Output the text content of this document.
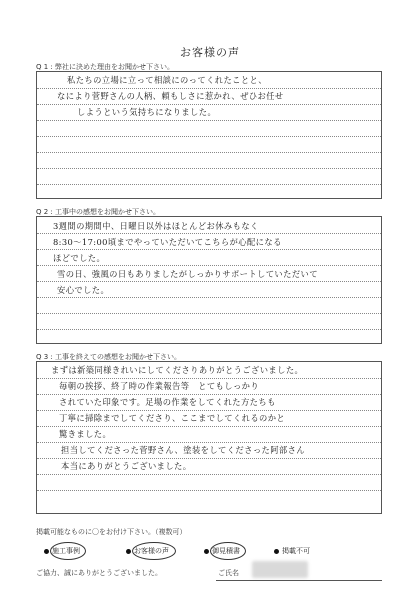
お客様の声
Q 1 : 弊社に決めた理由をお聞かせ下さい。
私たちの立場に立って相談にのってくれたことと、
なにより菅野さんの人柄、頼もしさに惹かれ、ぜひお任せ
しようという気持ちになりました。
Q 2 : 工事中の感想をお聞かせ下さい。
3週間の期間中、日曜日以外はほとんどお休みもなく
8:30〜17:00頃までやっていただいてこちらが心配になる
ほどでした。
雪の日、強風の日もありましたがしっかりサポートしていただいて
安心でした。
Q 3 : 工事を終えての感想をお聞かせ下さい。
まずは新築同様きれいにしてくださりありがとうございました。
毎朝の挨拶、終了時の作業報告等　とてもしっかり
されていた印象です。足場の作業をしてくれた方たちも
丁寧に掃除までしてくださり、ここまでしてくれるのかと
驚きました。
担当してくださった菅野さん、塗装をしてくださった阿部さん
本当にありがとうございました。
掲載可能なものに〇をお付け下さい。（複数可）
施工事例	お客様の声	御見積書	掲載不可
ご協力、誠にありがとうございました。	ご氏名
